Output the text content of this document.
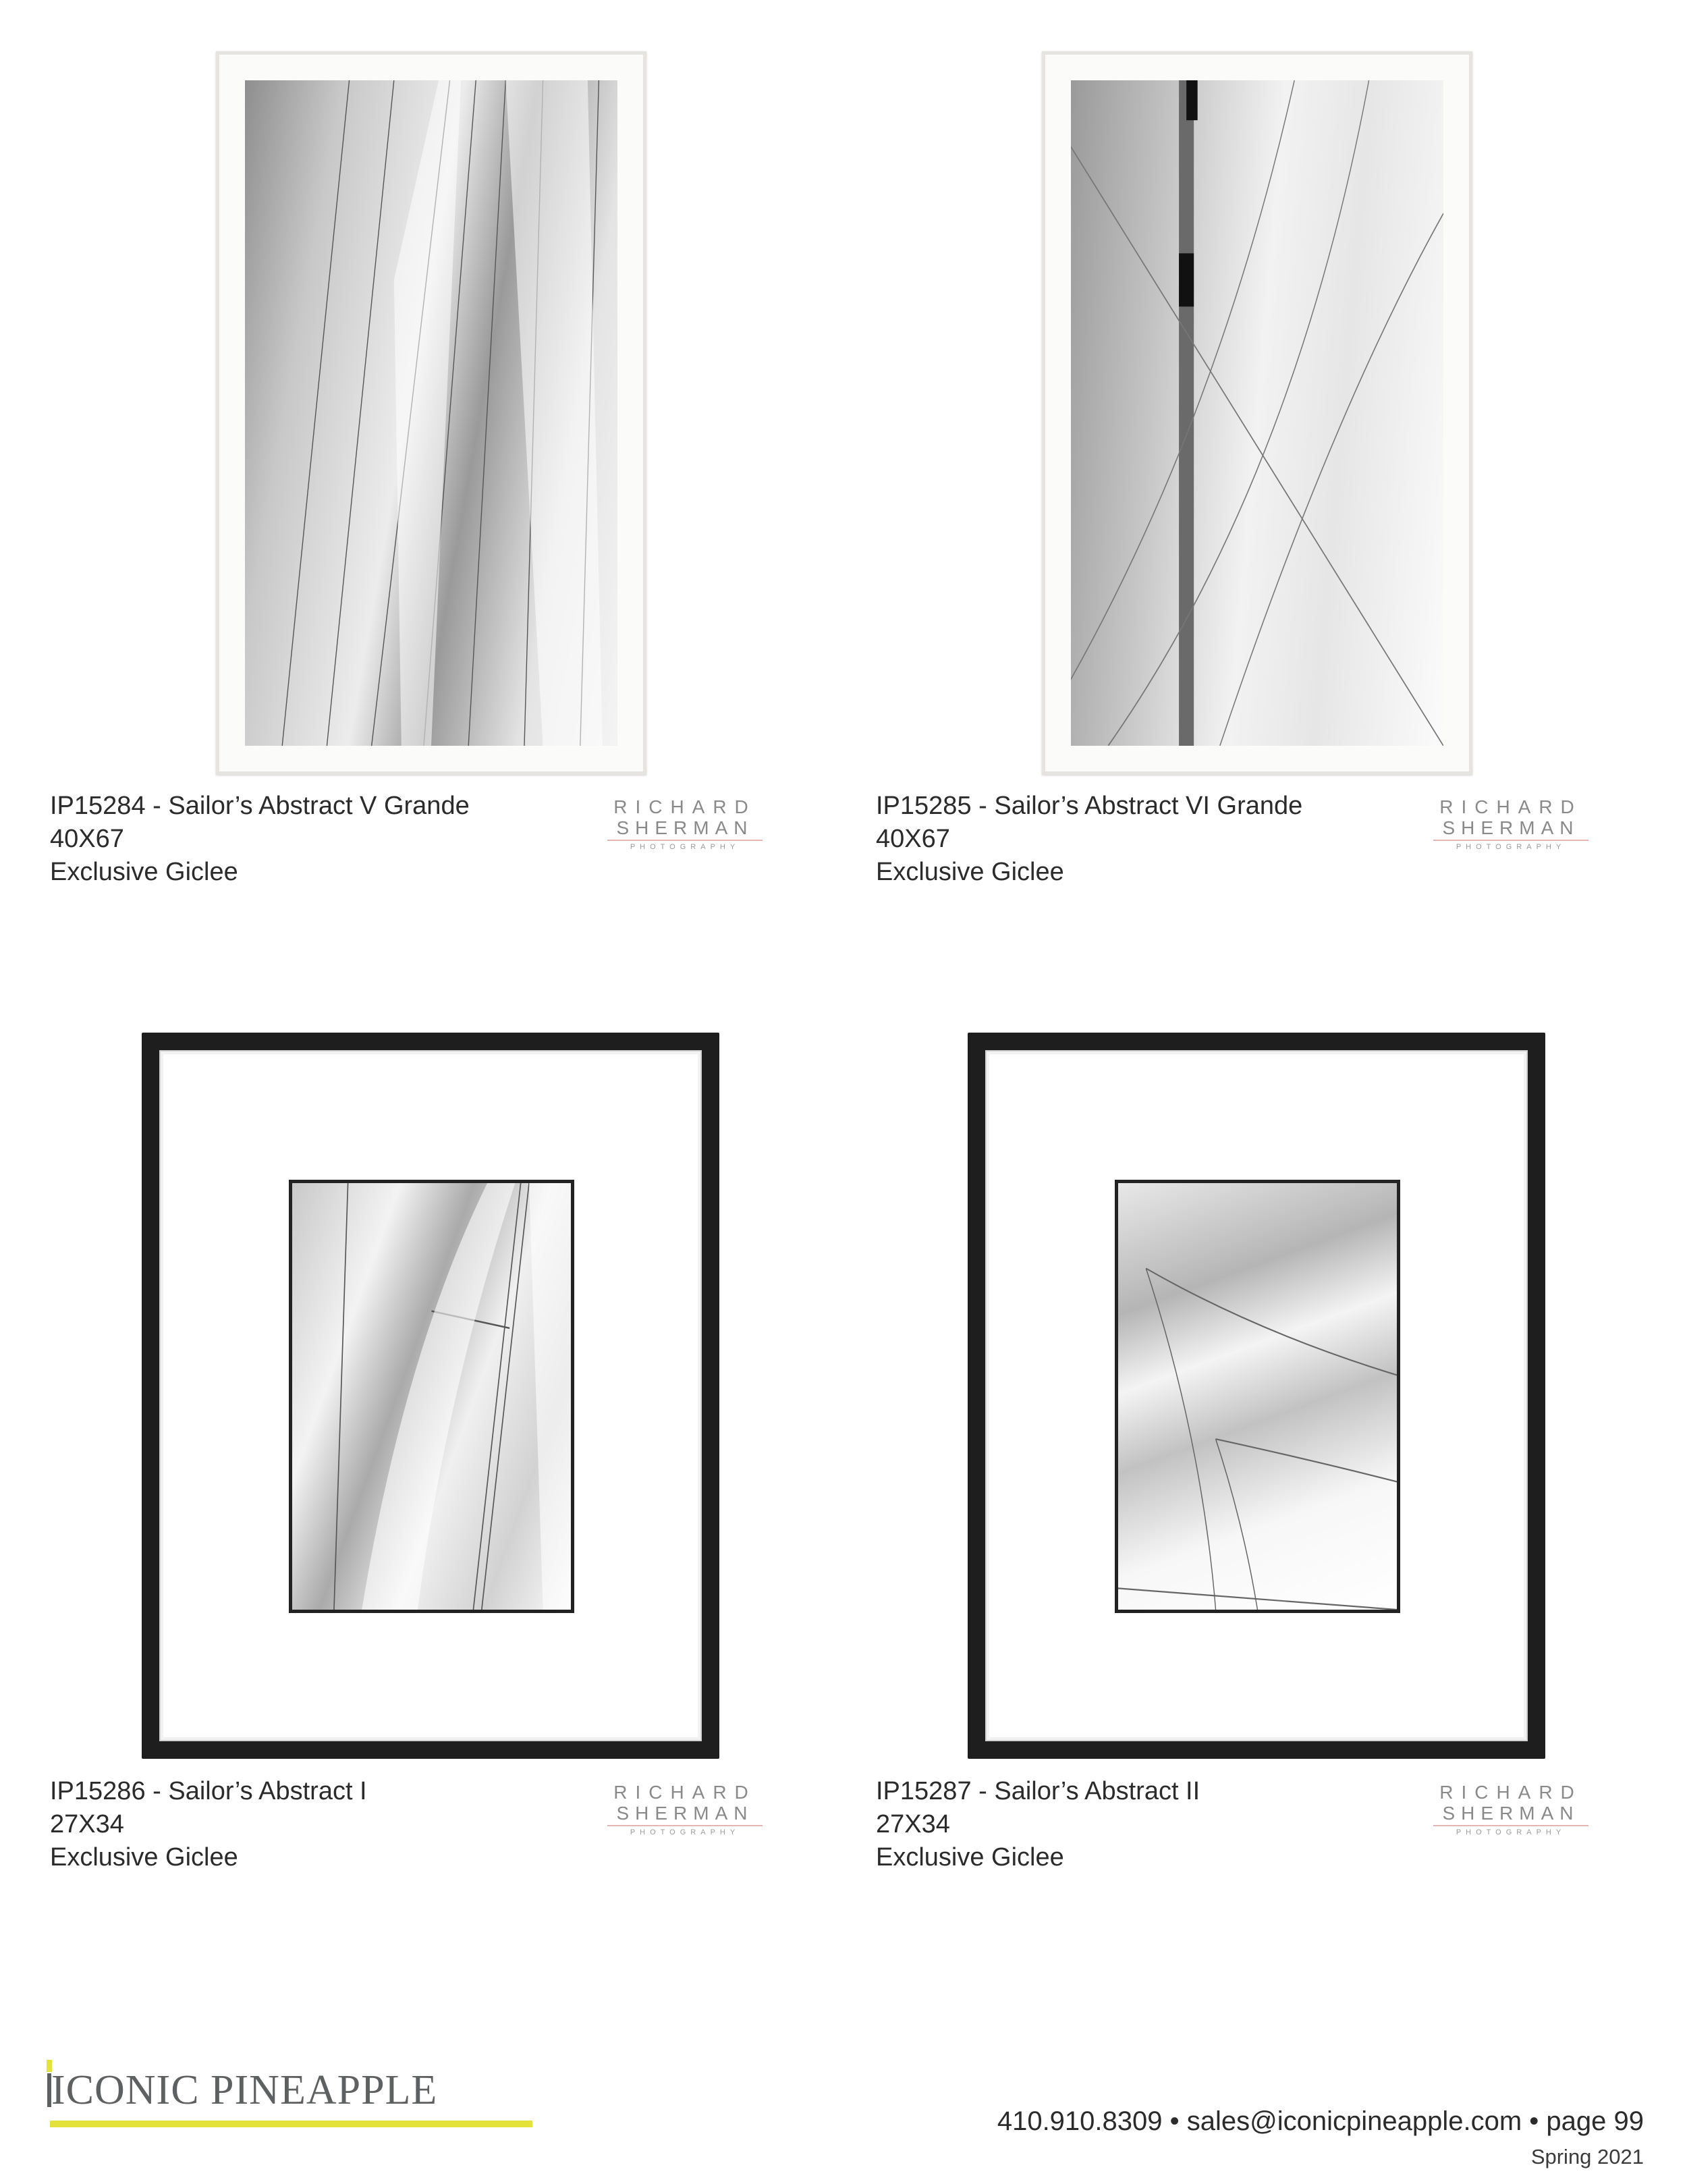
IP15284 - Sailor’s Abstract V Grande
40X67
Exclusive Giclee
RICHARD
SHERMAN
PHOTOGRAPHY
IP15285 - Sailor’s Abstract VI Grande
40X67
Exclusive Giclee
RICHARD
SHERMAN
PHOTOGRAPHY
IP15286 - Sailor’s Abstract I
27X34
Exclusive Giclee
RICHARD
SHERMAN
PHOTOGRAPHY
IP15287 - Sailor’s Abstract II
27X34
Exclusive Giclee
RICHARD
SHERMAN
PHOTOGRAPHY
ICONIC PINEAPPLE
410.910.8309 • sales@iconicpineapple.com • page 99
Spring 2021
